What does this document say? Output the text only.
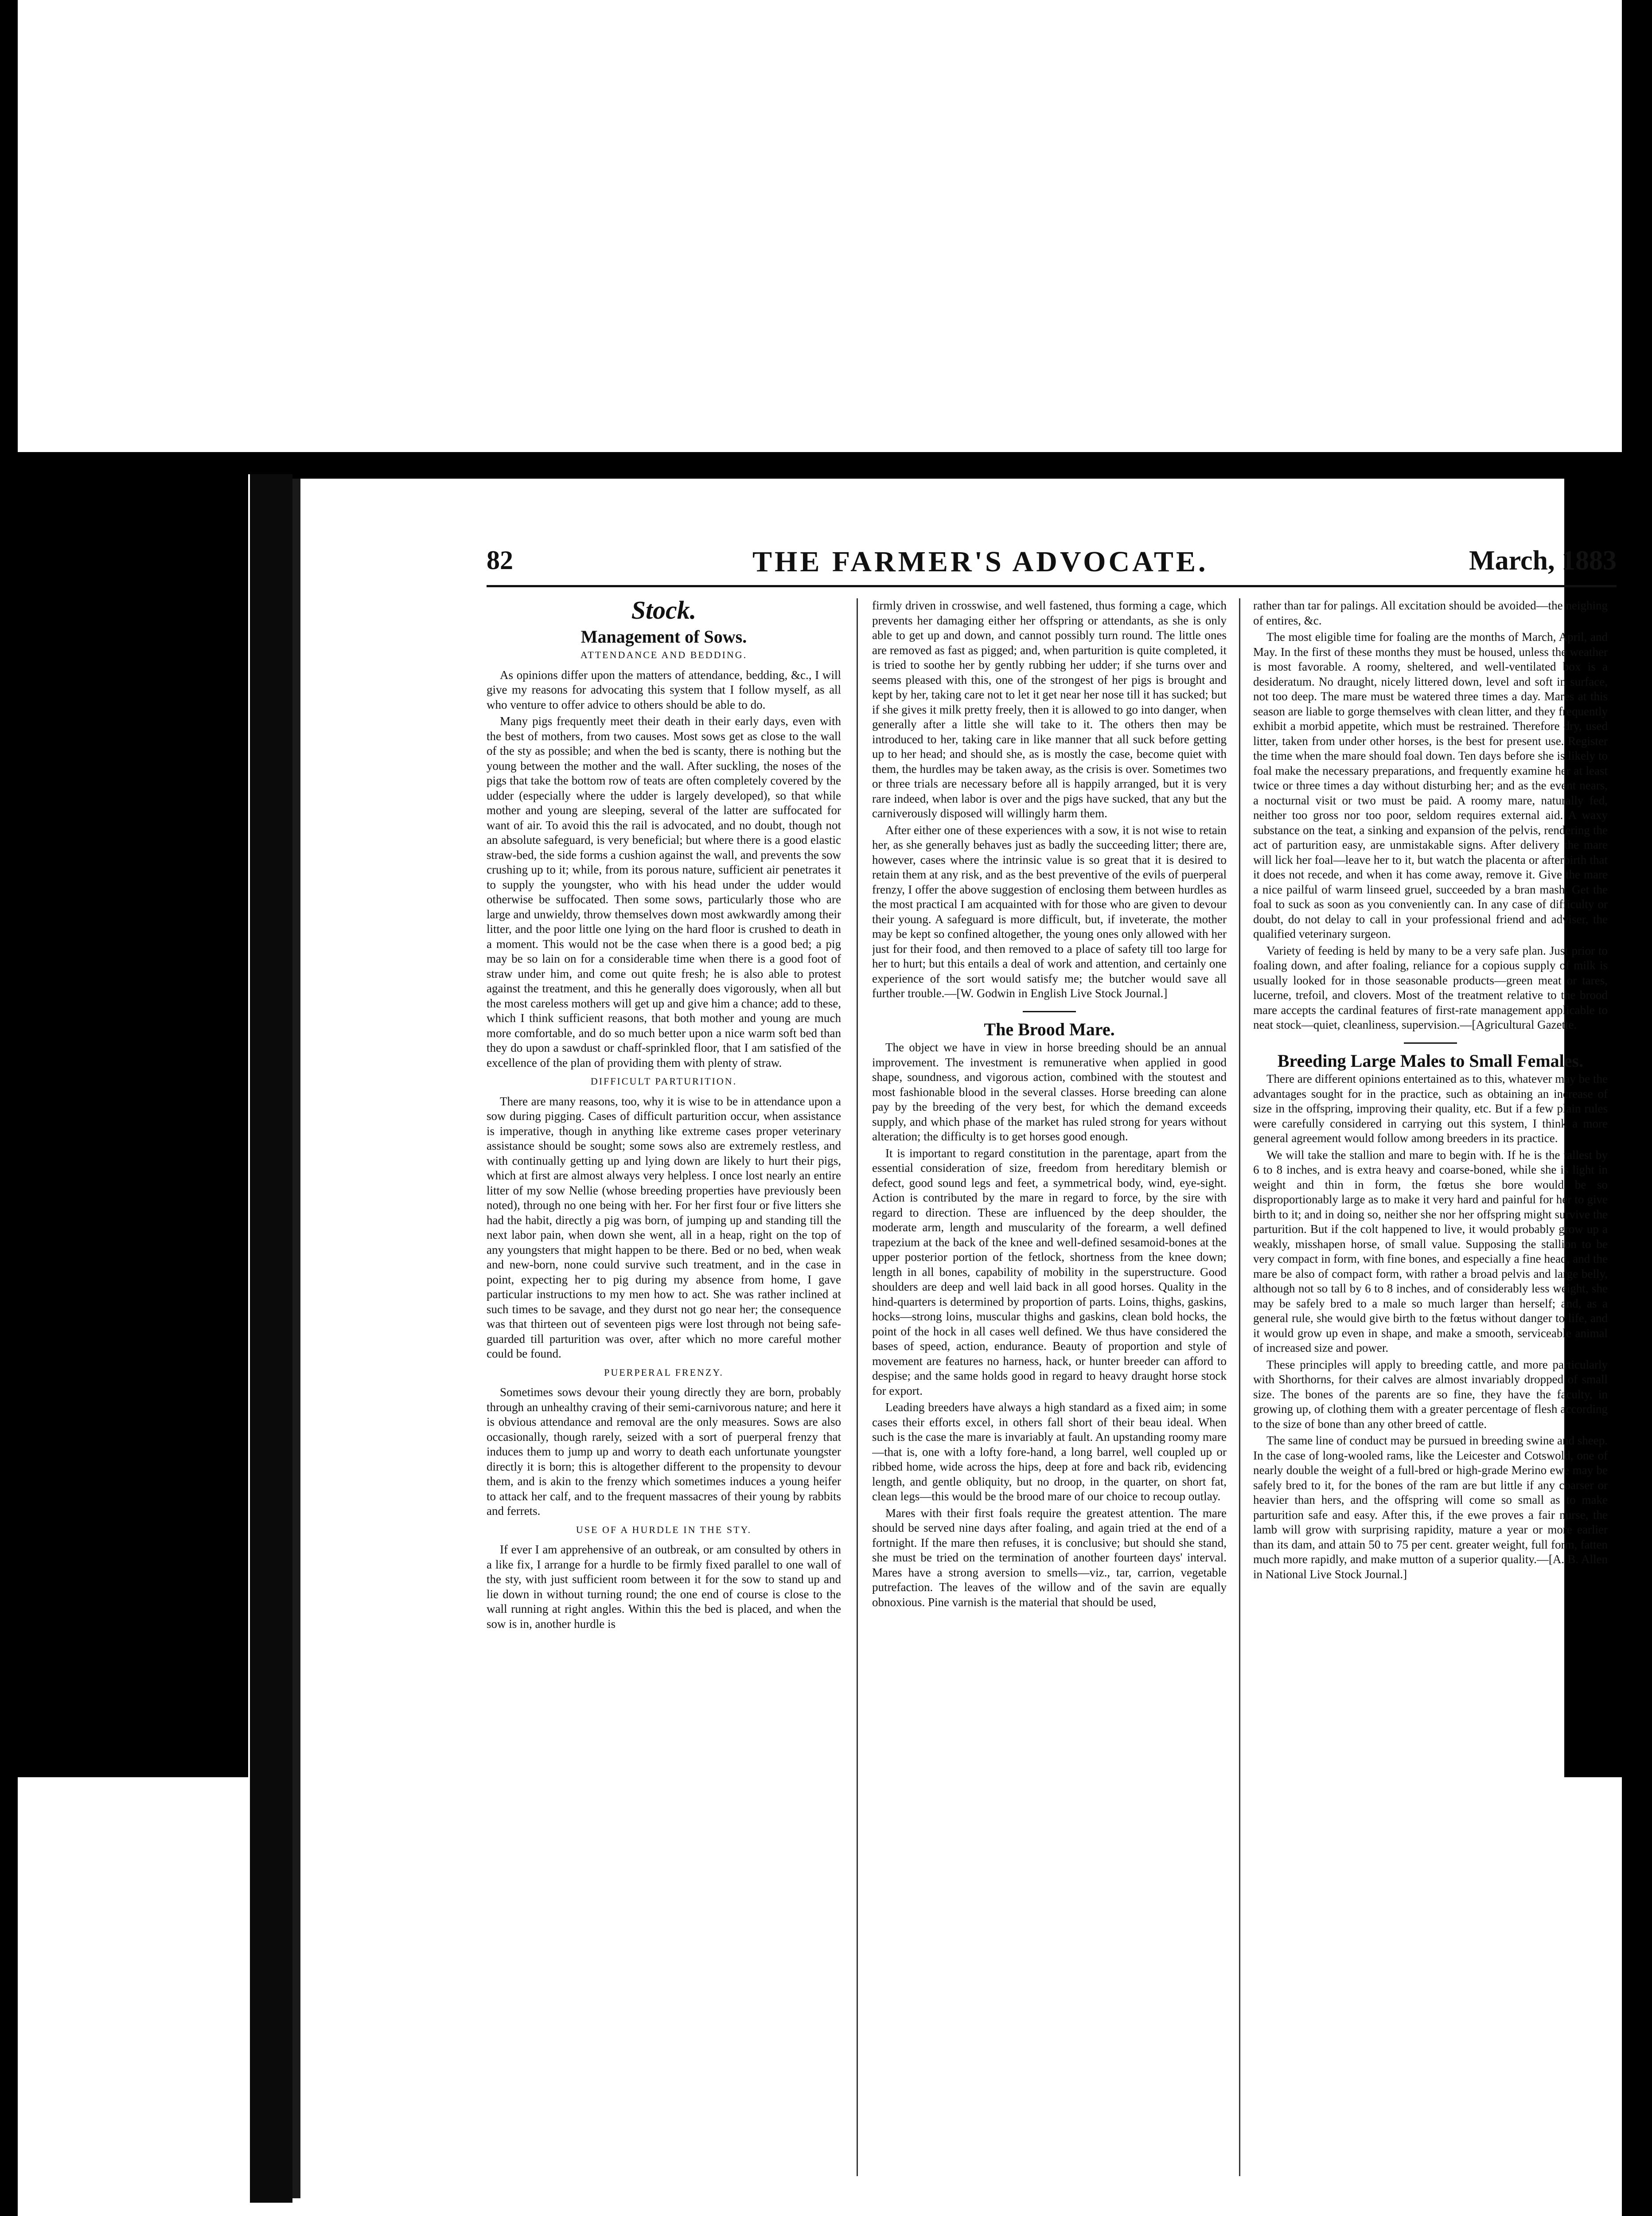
82	THE FARMER'S ADVOCATE.	March, 1883
Stock.
Management of Sows.
ATTENDANCE AND BEDDING.

As opinions differ upon the matters of attendance, bedding, &c., I will give my reasons for advocating this system that I follow myself, as all who venture to offer advice to others should be able to do.

Many pigs frequently meet their death in their early days, even with the best of mothers, from two causes. Most sows get as close to the wall of the sty as possible; and when the bed is scanty, there is nothing but the young between the mother and the wall. After suckling, the noses of the pigs that take the bottom row of teats are often completely covered by the udder (especially where the udder is largely developed), so that while mother and young are sleeping, several of the latter are suffocated for want of air. To avoid this the rail is advocated, and no doubt, though not an absolute safeguard, is very beneficial; but where there is a good elastic straw-bed, the side forms a cushion against the wall, and prevents the sow crushing up to it; while, from its porous nature, sufficient air penetrates it to supply the youngster, who with his head under the udder would otherwise be suffocated. Then some sows, particularly those who are large and unwieldy, throw themselves down most awkwardly among their litter, and the poor little one lying on the hard floor is crushed to death in a moment. This would not be the case when there is a good bed; a pig may be so lain on for a considerable time when there is a good foot of straw under him, and come out quite fresh; he is also able to protest against the treatment, and this he generally does vigorously, when all but the most careless mothers will get up and give him a chance; add to these, which I think sufficient reasons, that both mother and young are much more comfortable, and do so much better upon a nice warm soft bed than they do upon a sawdust or chaff-sprinkled floor, that I am satisfied of the excellence of the plan of providing them with plenty of straw.

DIFFICULT PARTURITION.

There are many reasons, too, why it is wise to be in attendance upon a sow during pigging. Cases of difficult parturition occur, when assistance is imperative, though in anything like extreme cases proper veterinary assistance should be sought; some sows also are extremely restless, and with continually getting up and lying down are likely to hurt their pigs, which at first are almost always very helpless. I once lost nearly an entire litter of my sow Nellie (whose breeding properties have previously been noted), through no one being with her. For her first four or five litters she had the habit, directly a pig was born, of jumping up and standing till the next labor pain, when down she went, all in a heap, right on the top of any youngsters that might happen to be there. Bed or no bed, when weak and new-born, none could survive such treatment, and in the case in point, expecting her to pig during my absence from home, I gave particular instructions to my men how to act. She was rather inclined at such times to be savage, and they durst not go near her; the consequence was that thirteen out of seventeen pigs were lost through not being safe-guarded till parturition was over, after which no more careful mother could be found.

PUERPERAL FRENZY.

Sometimes sows devour their young directly they are born, probably through an unhealthy craving of their semi-carnivorous nature; and here it is obvious attendance and removal are the only measures. Sows are also occasionally, though rarely, seized with a sort of puerperal frenzy that induces them to jump up and worry to death each unfortunate youngster directly it is born; this is altogether different to the propensity to devour them, and is akin to the frenzy which sometimes induces a young heifer to attack her calf, and to the frequent massacres of their young by rabbits and ferrets.

USE OF A HURDLE IN THE STY.

If ever I am apprehensive of an outbreak, or am consulted by others in a like fix, I arrange for a hurdle to be firmly fixed parallel to one wall of the sty, with just sufficient room between it for the sow to stand up and lie down in without turning round; the one end of course is close to the wall running at right angles. Within this the bed is placed, and when the sow is in, another hurdle is

firmly driven in crosswise, and well fastened, thus forming a cage, which prevents her damaging either her offspring or attendants, as she is only able to get up and down, and cannot possibly turn round. The little ones are removed as fast as pigged; and, when parturition is quite completed, it is tried to soothe her by gently rubbing her udder; if she turns over and seems pleased with this, one of the strongest of her pigs is brought and kept by her, taking care not to let it get near her nose till it has sucked; but if she gives it milk pretty freely, then it is allowed to go into danger, when generally after a little she will take to it. The others then may be introduced to her, taking care in like manner that all suck before getting up to her head; and should she, as is mostly the case, become quiet with them, the hurdles may be taken away, as the crisis is over. Sometimes two or three trials are necessary before all is happily arranged, but it is very rare indeed, when labor is over and the pigs have sucked, that any but the carniverously disposed will willingly harm them.

After either one of these experiences with a sow, it is not wise to retain her, as she generally behaves just as badly the succeeding litter; there are, however, cases where the intrinsic value is so great that it is desired to retain them at any risk, and as the best preventive of the evils of puerperal frenzy, I offer the above suggestion of enclosing them between hurdles as the most practical I am acquainted with for those who are given to devour their young. A safeguard is more difficult, but, if inveterate, the mother may be kept so confined altogether, the young ones only allowed with her just for their food, and then removed to a place of safety till too large for her to hurt; but this entails a deal of work and attention, and certainly one experience of the sort would satisfy me; the butcher would save all further trouble.—[W. Godwin in English Live Stock Journal.]

The Brood Mare.

The object we have in view in horse breeding should be an annual improvement. The investment is remunerative when applied in good shape, soundness, and vigorous action, combined with the stoutest and most fashionable blood in the several classes. Horse breeding can alone pay by the breeding of the very best, for which the demand exceeds supply, and which phase of the market has ruled strong for years without alteration; the difficulty is to get horses good enough.

It is important to regard constitution in the parentage, apart from the essential consideration of size, freedom from hereditary blemish or defect, good sound legs and feet, a symmetrical body, wind, eye-sight. Action is contributed by the mare in regard to force, by the sire with regard to direction. These are influenced by the deep shoulder, the moderate arm, length and muscularity of the forearm, a well defined trapezium at the back of the knee and well-defined sesamoid-bones at the upper posterior portion of the fetlock, shortness from the knee down; length in all bones, capability of mobility in the superstructure. Good shoulders are deep and well laid back in all good horses. Quality in the hind-quarters is determined by proportion of parts. Loins, thighs, gaskins, hocks—strong loins, muscular thighs and gaskins, clean bold hocks, the point of the hock in all cases well defined. We thus have considered the bases of speed, action, endurance. Beauty of proportion and style of movement are features no harness, hack, or hunter breeder can afford to despise; and the same holds good in regard to heavy draught horse stock for export.

Leading breeders have always a high standard as a fixed aim; in some cases their efforts excel, in others fall short of their beau ideal. When such is the case the mare is invariably at fault. An upstanding roomy mare—that is, one with a lofty fore-hand, a long barrel, well coupled up or ribbed home, wide across the hips, deep at fore and back rib, evidencing length, and gentle obliquity, but no droop, in the quarter, on short fat, clean legs—this would be the brood mare of our choice to recoup outlay.

Mares with their first foals require the greatest attention. The mare should be served nine days after foaling, and again tried at the end of a fortnight. If the mare then refuses, it is conclusive; but should she stand, she must be tried on the termination of another fourteen days' interval. Mares have a strong aversion to smells—viz., tar, carrion, vegetable putrefaction. The leaves of the willow and of the savin are equally obnoxious. Pine varnish is the material that should be used,

rather than tar for palings. All excitation should be avoided—the neighing of entires, &c.

The most eligible time for foaling are the months of March, April, and May. In the first of these months they must be housed, unless the weather is most favorable. A roomy, sheltered, and well-ventilated box is a desideratum. No draught, nicely littered down, level and soft in surface, not too deep. The mare must be watered three times a day. Mares at this season are liable to gorge themselves with clean litter, and they frequently exhibit a morbid appetite, which must be restrained. Therefore dry, used litter, taken from under other horses, is the best for present use. Register the time when the mare should foal down. Ten days before she is likely to foal make the necessary preparations, and frequently examine her at least twice or three times a day without disturbing her; and as the event nears, a nocturnal visit or two must be paid. A roomy mare, naturally fed, neither too gross nor too poor, seldom requires external aid. A waxy substance on the teat, a sinking and expansion of the pelvis, rendering the act of parturition easy, are unmistakable signs. After delivery the mare will lick her foal—leave her to it, but watch the placenta or afterbirth that it does not recede, and when it has come away, remove it. Give the mare a nice pailful of warm linseed gruel, succeeded by a bran mash. Get the foal to suck as soon as you conveniently can. In any case of difficulty or doubt, do not delay to call in your professional friend and adviser, the qualified veterinary surgeon.

Variety of feeding is held by many to be a very safe plan. Just prior to foaling down, and after foaling, reliance for a copious supply of milk is usually looked for in those seasonable products—green meat or tares, lucerne, trefoil, and clovers. Most of the treatment relative to the brood mare accepts the cardinal features of first-rate management applicable to neat stock—quiet, cleanliness, supervision.—[Agricultural Gazette.

Breeding Large Males to Small Females.

There are different opinions entertained as to this, whatever may be the advantages sought for in the practice, such as obtaining an increase of size in the offspring, improving their quality, etc. But if a few plain rules were carefully considered in carrying out this system, I think a more general agreement would follow among breeders in its practice.

We will take the stallion and mare to begin with. If he is the tallest by 6 to 8 inches, and is extra heavy and coarse-boned, while she is light in weight and thin in form, the fœtus she bore would be so disproportionably large as to make it very hard and painful for her to give birth to it; and in doing so, neither she nor her offspring might survive the parturition. But if the colt happened to live, it would probably grow up a weakly, misshapen horse, of small value. Supposing the stallion to be very compact in form, with fine bones, and especially a fine head, and the mare be also of compact form, with rather a broad pelvis and large belly, although not so tall by 6 to 8 inches, and of considerably less weight, she may be safely bred to a male so much larger than herself; and, as a general rule, she would give birth to the fœtus without danger to life, and it would grow up even in shape, and make a smooth, serviceable animal of increased size and power.

These principles will apply to breeding cattle, and more particularly with Shorthorns, for their calves are almost invariably dropped of small size. The bones of the parents are so fine, they have the faculty, in growing up, of clothing them with a greater percentage of flesh according to the size of bone than any other breed of cattle.

The same line of conduct may be pursued in breeding swine and sheep. In the case of long-wooled rams, like the Leicester and Cotswold, one of nearly double the weight of a full-bred or high-grade Merino ewe may be safely bred to it, for the bones of the ram are but little if any coarser or heavier than hers, and the offspring will come so small as to make parturition safe and easy. After this, if the ewe proves a fair nurse, the lamb will grow with surprising rapidity, mature a year or more earlier than its dam, and attain 50 to 75 per cent. greater weight, full form, fatten much more rapidly, and make mutton of a superior quality.—[A. B. Allen in National Live Stock Journal.]
